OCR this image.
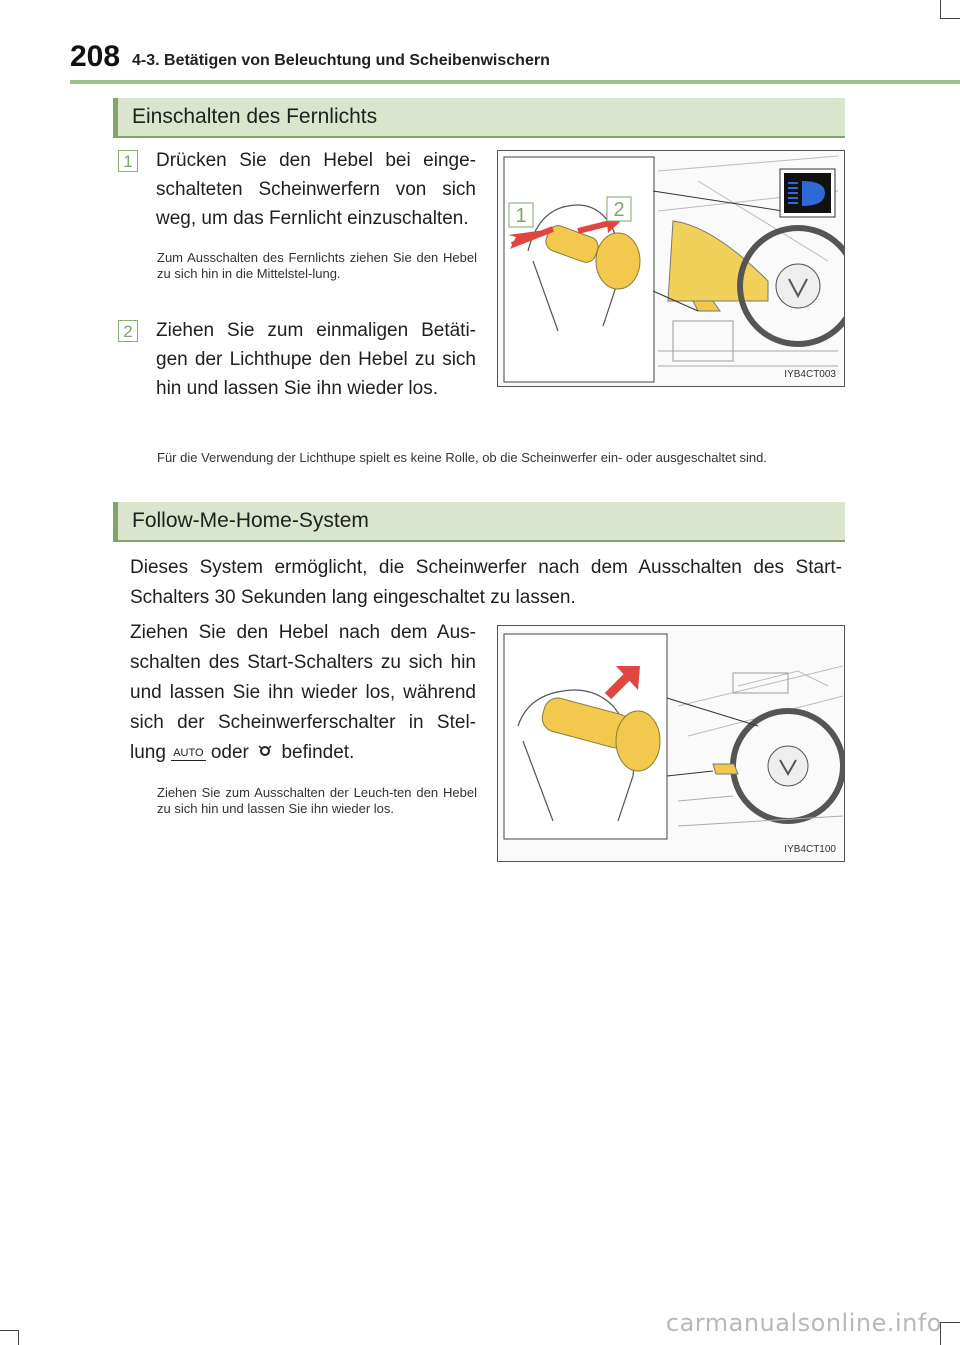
208 4-3. Betätigen von Beleuchtung und Scheibenwischern
Einschalten des Fernlichts
1 Drücken Sie den Hebel bei einge-schalteten Scheinwerfern von sich weg, um das Fernlicht einzuschalten.
Zum Ausschalten des Fernlichts ziehen Sie den Hebel zu sich hin in die Mittelstel-lung.
2 Ziehen Sie zum einmaligen Betäti-gen der Lichthupe den Hebel zu sich hin und lassen Sie ihn wieder los.
Für die Verwendung der Lichthupe spielt es keine Rolle, ob die Scheinwerfer ein- oder ausgeschaltet sind.
1	2
IYB4CT003
Follow-Me-Home-System
Dieses System ermöglicht, die Scheinwerfer nach dem Ausschalten des Start-Schalters 30 Sekunden lang eingeschaltet zu lassen.
Ziehen Sie den Hebel nach dem Aus-schalten des Start-Schalters zu sich hin und lassen Sie ihn wieder los, während sich der Scheinwerferschalter in Stel-lung AUTO oder befindet.
Ziehen Sie zum Ausschalten der Leuch-ten den Hebel zu sich hin und lassen Sie ihn wieder los.
IYB4CT100
carmanualsonline.info
